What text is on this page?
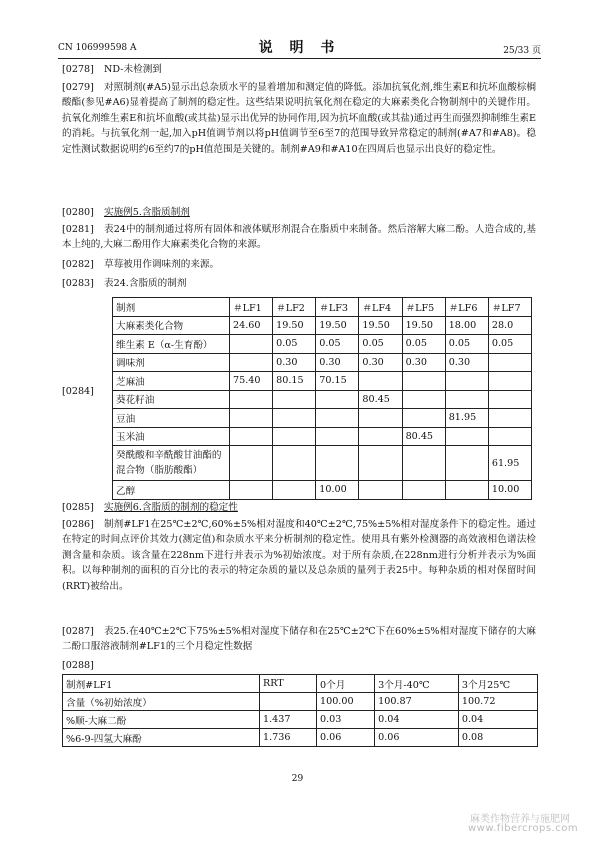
CN 106999598 A	说 明 书	25/33 页
[0278] ND-未检测到
[0279]	对照制剂(#A5)显示出总杂质水平的显着增加和测定值的降低。添加抗氧化剂,维生素E和抗坏血酸棕榈酸酯(参见#A6)显着提高了制剂的稳定性。这些结果说明抗氧化剂在稳定的大麻素类化合物制剂中的关键作用。抗氧化剂维生素E和抗坏血酸(或其盐)显示出优异的协同作用,因为抗坏血酸(或其盐)通过再生而强烈抑制维生素E的消耗。与抗氧化剂一起,加入pH值调节剂以将pH值调节至6至7的范围导致异常稳定的制剂(#A7和#A8)。稳定性测试数据说明约6至约7的pH值范围是关键的。制剂#A9和#A10在四周后也显示出良好的稳定性。
[0280] 实施例5.含脂质制剂
[0281]	表24中的制剂通过将所有固体和液体赋形剂混合在脂质中来制备。然后溶解大麻二酚。人造合成的,基本上纯的,大麻二酚用作大麻素类化合物的来源。
[0282] 草莓被用作调味剂的来源。
[0283] 表24.含脂质的制剂
[0284]
制剂	＃LF1	＃LF2	＃LF3	＃LF4	＃LF5	＃LF6	＃LF7
大麻素类化合物	24.60	19.50	19.50	19.50	19.50	18.00	28.0
维生素 E（α-生育酚）		0.05	0.05	0.05	0.05	0.05	0.05
调味剂		0.30	0.30	0.30	0.30	0.30	
芝麻油	75.40	80.15	70.15				
葵花籽油				80.45			
豆油						81.95	
玉米油					80.45		
癸酰酸和辛酰酸甘油酯的混合物（脂肪酸酯）							61.95
乙醇			10.00				10.00
[0285] 实施例6.含脂质的制剂的稳定性
[0286]	制剂#LF1在25℃±2℃,60%±5%相对湿度和40℃±2℃,75%±5%相对湿度条件下的稳定性。通过在特定的时间点评价其效力(测定值)和杂质水平来分析制剂的稳定性。使用具有紫外检测器的高效液相色谱法检测含量和杂质。该含量在228nm下进行并表示为%初始浓度。对于所有杂质,在228nm进行分析并表示为%面积。以每种制剂的面积的百分比的表示的特定杂质的量以及总杂质的量列于表25中。每种杂质的相对保留时间(RRT)被给出。
[0287]	表25.在40℃±2℃下75%±5%相对湿度下储存和在25℃±2℃下在60%±5%相对湿度下储存的大麻二酚口服溶液制剂#LF1的三个月稳定性数据
[0288]
制剂#LF1	RRT	0个月	3个月-40℃	3个月25℃
含量（%初始浓度）		100.00	100.87	100.72
%顺-大麻二酚	1.437	0.03	0.04	0.04
%6-9-四氢大麻酚	1.736	0.06	0.06	0.08
29
麻类作物营养与施肥网
www.fibercrops.com
